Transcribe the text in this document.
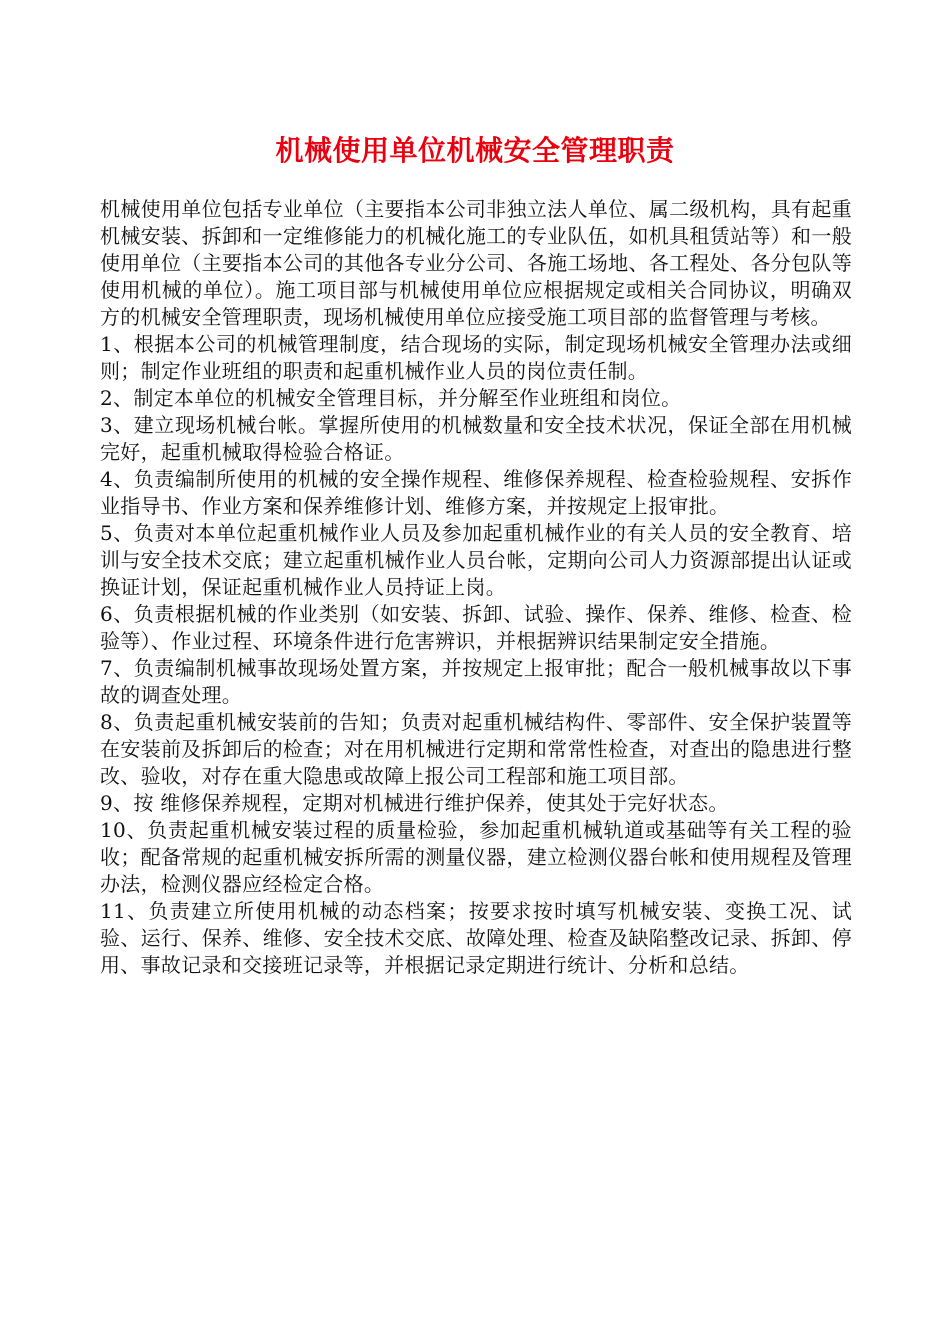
机械使用单位机械安全管理职责

机械使用单位包括专业单位（主要指本公司非独立法人单位、属二级机构，具有起重机械安装、拆卸和一定维修能力的机械化施工的专业队伍，如机具租赁站等）和一般使用单位（主要指本公司的其他各专业分公司、各施工场地、各工程处、各分包队等使用机械的单位）。施工项目部与机械使用单位应根据规定或相关合同协议，明确双方的机械安全管理职责，现场机械使用单位应接受施工项目部的监督管理与考核。

1、根据本公司的机械管理制度，结合现场的实际，制定现场机械安全管理办法或细则；制定作业班组的职责和起重机械作业人员的岗位责任制。

2、制定本单位的机械安全管理目标，并分解至作业班组和岗位。

3、建立现场机械台帐。掌握所使用的机械数量和安全技术状况，保证全部在用机械完好，起重机械取得检验合格证。

4、负责编制所使用的机械的安全操作规程、维修保养规程、检查检验规程、安拆作业指导书、作业方案和保养维修计划、维修方案，并按规定上报审批。

5、负责对本单位起重机械作业人员及参加起重机械作业的有关人员的安全教育、培训与安全技术交底；建立起重机械作业人员台帐，定期向公司人力资源部提出认证或换证计划，保证起重机械作业人员持证上岗。

6、负责根据机械的作业类别（如安装、拆卸、试验、操作、保养、维修、检查、检验等）、作业过程、环境条件进行危害辨识，并根据辨识结果制定安全措施。

7、负责编制机械事故现场处置方案，并按规定上报审批；配合一般机械事故以下事故的调查处理。

8、负责起重机械安装前的告知；负责对起重机械结构件、零部件、安全保护装置等在安装前及拆卸后的检查；对在用机械进行定期和常常性检查，对查出的隐患进行整改、验收，对存在重大隐患或故障上报公司工程部和施工项目部。

9、按 维修保养规程，定期对机械进行维护保养，使其处于完好状态。

10、负责起重机械安装过程的质量检验，参加起重机械轨道或基础等有关工程的验收；配备常规的起重机械安拆所需的测量仪器，建立检测仪器台帐和使用规程及管理办法，检测仪器应经检定合格。

11、负责建立所使用机械的动态档案；按要求按时填写机械安装、变换工况、试验、运行、保养、维修、安全技术交底、故障处理、检查及缺陷整改记录、拆卸、停用、事故记录和交接班记录等，并根据记录定期进行统计、分析和总结。
